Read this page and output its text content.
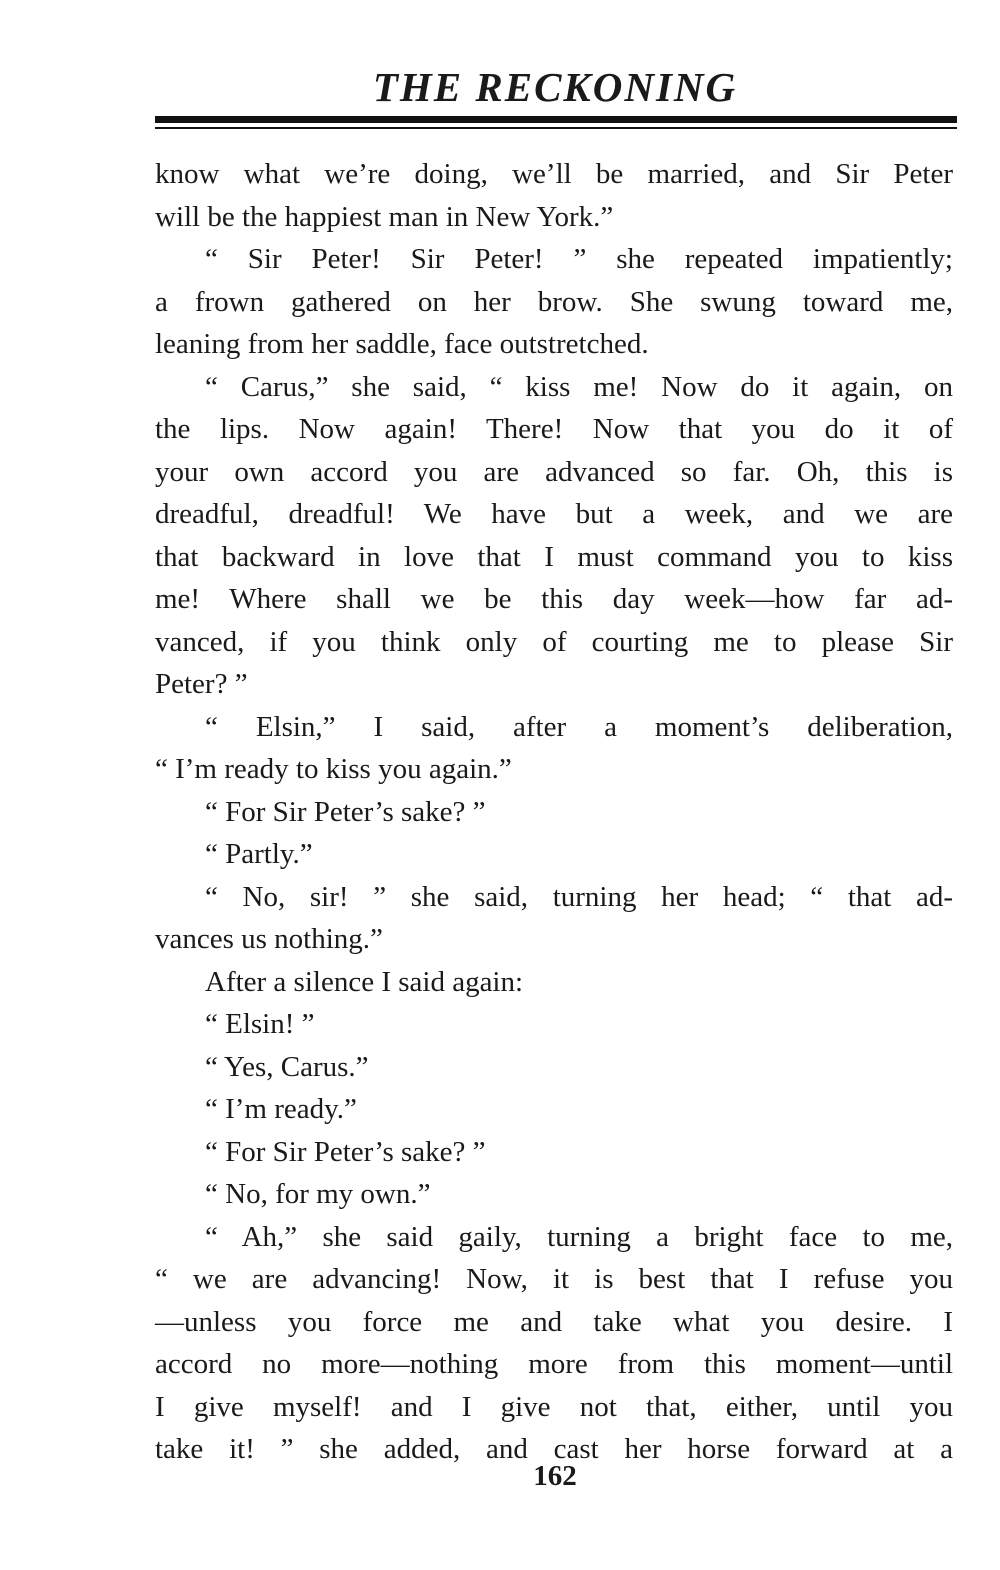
THE RECKONING
know what we’re doing, we’ll be married, and Sir Peter
will be the happiest man in New York.”
“ Sir Peter! Sir Peter! ” she repeated impatiently;
a frown gathered on her brow. She swung toward me,
leaning from her saddle, face outstretched.
“ Carus,” she said, “ kiss me! Now do it again, on
the lips. Now again! There! Now that you do it of
your own accord you are advanced so far. Oh, this is
dreadful, dreadful! We have but a week, and we are
that backward in love that I must command you to kiss
me! Where shall we be this day week—how far ad-
vanced, if you think only of courting me to please Sir
Peter? ”
“ Elsin,” I said, after a moment’s deliberation,
“ I’m ready to kiss you again.”
“ For Sir Peter’s sake? ”
“ Partly.”
“ No, sir! ” she said, turning her head; “ that ad-
vances us nothing.”
After a silence I said again:
“ Elsin! ”
“ Yes, Carus.”
“ I’m ready.”
“ For Sir Peter’s sake? ”
“ No, for my own.”
“ Ah,” she said gaily, turning a bright face to me,
“ we are advancing! Now, it is best that I refuse you
—unless you force me and take what you desire. I
accord no more—nothing more from this moment—until
I give myself! and I give not that, either, until you
take it! ” she added, and cast her horse forward at a
162
